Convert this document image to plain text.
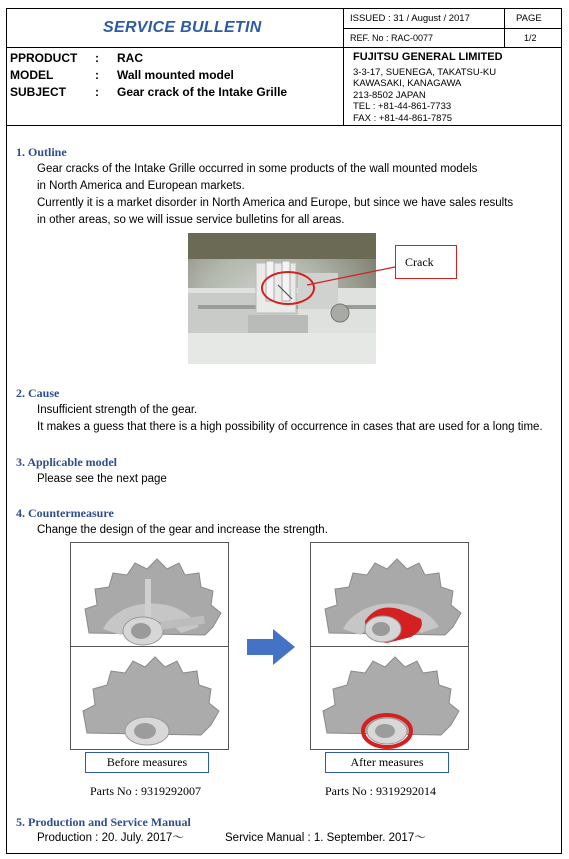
SERVICE BULLETIN
ISSUED : 31 / August / 2017
REF. No : RAC-0077
PAGE
1/2
PPRODUCT : RAC
MODEL	: Wall mounted model
SUBJECT : Gear crack of the Intake Grille
FUJITSU GENERAL LIMITED
3-3-17, SUENEGA, TAKATSU-KU
KAWASAKI, KANAGAWA
213-8502 JAPAN
TEL : +81-44-861-7733
FAX : +81-44-861-7875
1. Outline
Gear cracks of the Intake Grille occurred in some products of the wall mounted models
in North America and European markets.
Currently it is a market disorder in North America and Europe, but since we have sales results
in other areas, so we will issue service bulletins for all areas.
Crack
2. Cause
Insufficient strength of the gear.
It makes a guess that there is a high possibility of occurrence in cases that are used for a long time.
3. Applicable model
Please see the next page
4. Countermeasure
Change the design of the gear and increase the strength.
Before measures	After measures
Parts No : 9319292007	Parts No : 9319292014
5. Production and Service Manual
Production : 20. July. 2017～	Service Manual : 1. September. 2017～
